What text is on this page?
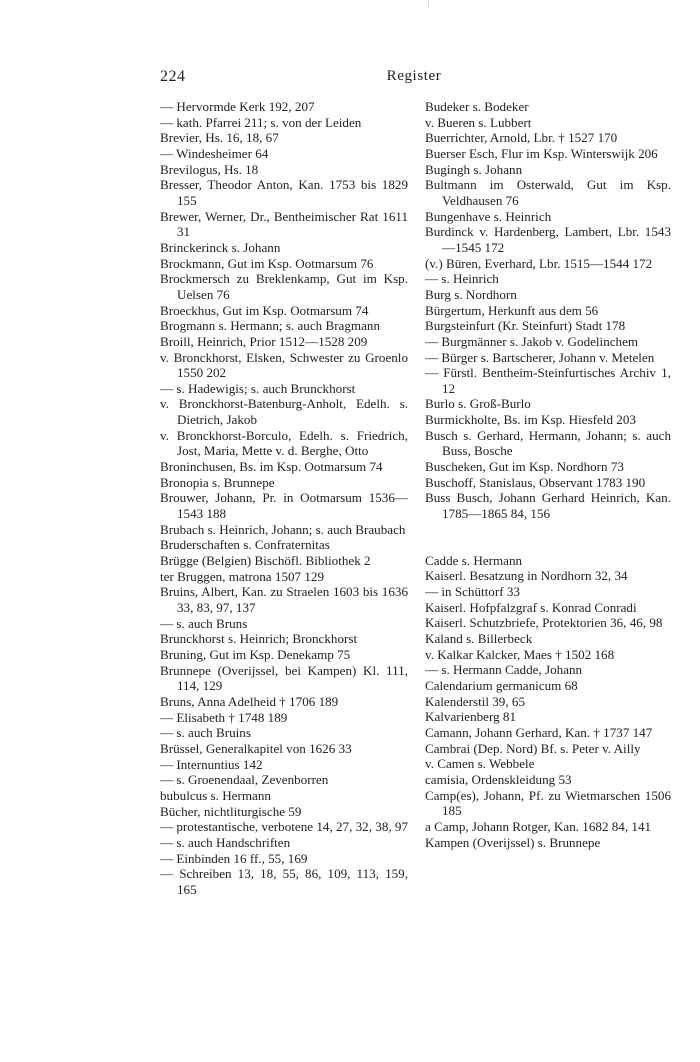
224	Register
— Hervormde Kerk 192, 207
— kath. Pfarrei 211; s. von der Leiden
Brevier, Hs. 16, 18, 67
— Windesheimer 64
Brevilogus, Hs. 18
Bresser, Theodor Anton, Kan. 1753 bis 1829 155
Brewer, Werner, Dr., Bentheimischer Rat 1611 31
Brinckerinck s. Johann
Brockmann, Gut im Ksp. Ootmarsum 76
Brockmersch zu Breklenkamp, Gut im Ksp. Uelsen 76
Broeckhus, Gut im Ksp. Ootmarsum 74
Brogmann s. Hermann; s. auch Bragmann
Broill, Heinrich, Prior 1512—1528 209
v. Bronckhorst, Elsken, Schwester zu Groenlo 1550 202
— s. Hadewigis; s. auch Brunckhorst
v. Bronckhorst-Batenburg-Anholt, Edelh. s. Dietrich, Jakob
v. Bronckhorst-Borculo, Edelh. s. Friedrich, Jost, Maria, Mette v. d. Berghe, Otto
Broninchusen, Bs. im Ksp. Ootmarsum 74
Bronopia s. Brunnepe
Brouwer, Johann, Pr. in Ootmarsum 1536—1543 188
Brubach s. Heinrich, Johann; s. auch Braubach
Bruderschaften s. Confraternitas
Brügge (Belgien) Bischöfl. Bibliothek 2
ter Bruggen, matrona 1507 129
Bruins, Albert, Kan. zu Straelen 1603 bis 1636 33, 83, 97, 137
— s. auch Bruns
Brunckhorst s. Heinrich; Bronckhorst
Bruning, Gut im Ksp. Denekamp 75
Brunnepe (Overijssel, bei Kampen) Kl. 111, 114, 129
Bruns, Anna Adelheid † 1706 189
— Elisabeth † 1748 189
— s. auch Bruins
Brüssel, Generalkapitel von 1626 33
— Internuntius 142
— s. Groenendaal, Zevenborren
bubulcus s. Hermann
Bücher, nichtliturgische 59
— protestantische, verbotene 14, 27, 32, 38, 97
— s. auch Handschriften
— Einbinden 16 ff., 55, 169
— Schreiben 13, 18, 55, 86, 109, 113, 159, 165
Budeker s. Bodeker
v. Bueren s. Lubbert
Buerrichter, Arnold, Lbr. † 1527 170
Buerser Esch, Flur im Ksp. Winterswijk 206
Bugingh s. Johann
Bultmann im Osterwald, Gut im Ksp. Veldhausen 76
Bungenhave s. Heinrich
Burdinck v. Hardenberg, Lambert, Lbr. 1543—1545 172
(v.) Büren, Everhard, Lbr. 1515—1544 172
— s. Heinrich
Burg s. Nordhorn
Bürgertum, Herkunft aus dem 56
Burgsteinfurt (Kr. Steinfurt) Stadt 178
— Burgmänner s. Jakob v. Godelinchem
— Bürger s. Bartscherer, Johann v. Metelen
— Fürstl. Bentheim-Steinfurtisches Archiv 1, 12
Burlo s. Groß-Burlo
Burmickholte, Bs. im Ksp. Hiesfeld 203
Busch s. Gerhard, Hermann, Johann; s. auch Buss, Bosche
Buscheken, Gut im Ksp. Nordhorn 73
Buschoff, Stanislaus, Observant 1783 190
Buss Busch, Johann Gerhard Heinrich, Kan. 1785—1865 84, 156
Cadde s. Hermann
Kaiserl. Besatzung in Nordhorn 32, 34
— in Schüttorf 33
Kaiserl. Hofpfalzgraf s. Konrad Conradi
Kaiserl. Schutzbriefe, Protektorien 36, 46, 98
Kaland s. Billerbeck
v. Kalkar Kalcker, Maes † 1502 168
— s. Hermann Cadde, Johann
Calendarium germanicum 68
Kalenderstil 39, 65
Kalvarienberg 81
Camann, Johann Gerhard, Kan. † 1737 147
Cambrai (Dep. Nord) Bf. s. Peter v. Ailly
v. Camen s. Webbele
camisia, Ordenskleidung 53
Camp(es), Johann, Pf. zu Wietmarschen 1506 185
a Camp, Johann Rotger, Kan. 1682 84, 141
Kampen (Overijssel) s. Brunnepe
